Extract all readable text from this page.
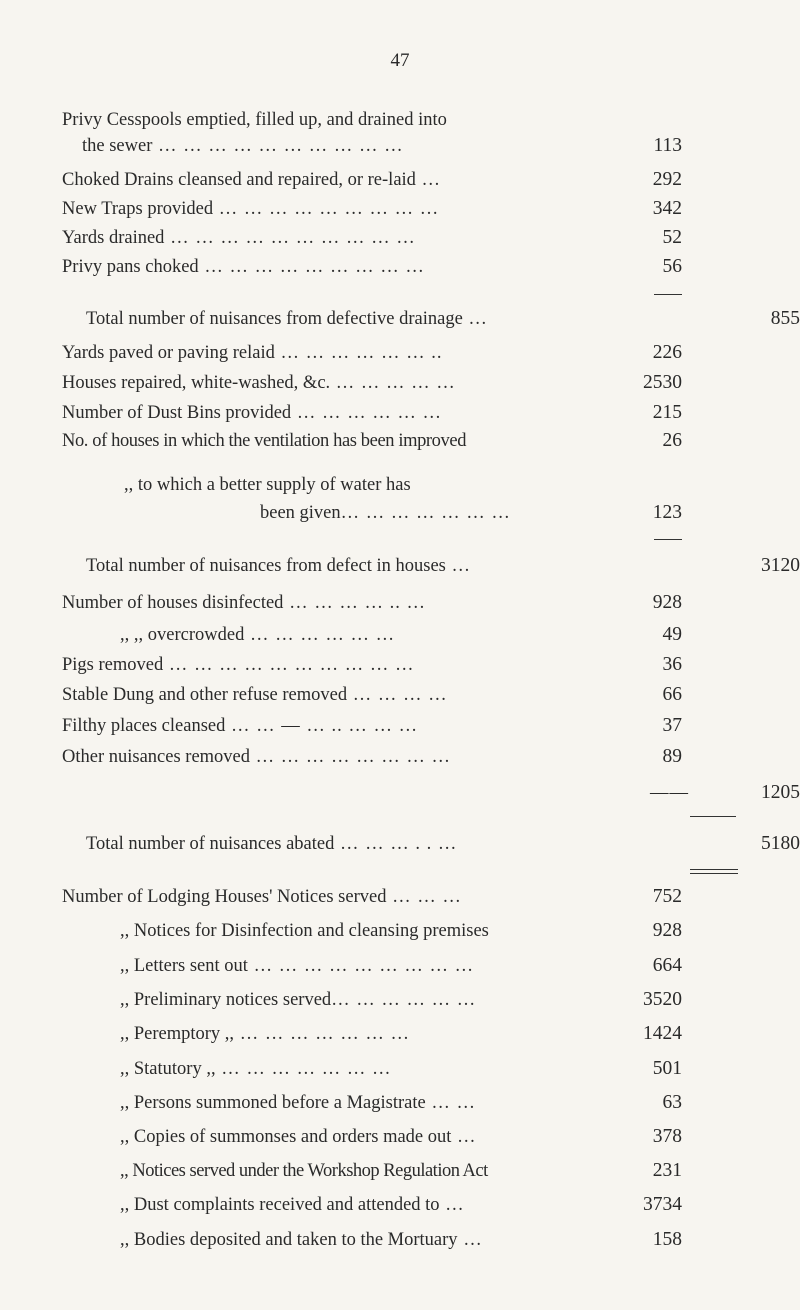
47
Privy Cesspools emptied, filled up, and drained into
the sewer … … … … … … … … … …	113
Choked Drains cleansed and repaired, or re-laid …	292
New Traps provided … … … … … … … … …	342
Yards drained … … … … … … … … … …	52
Privy pans choked … … … … … … … … …	56
Total number of nuisances from defective drainage …	855
Yards paved or paving relaid … … … … … … ..	226
Houses repaired, white-washed, &c. … … … … …	2530
Number of Dust Bins provided … … … … … …	215
No. of houses in which the ventilation has been improved	26
,, to which a better supply of water has
been given… … … … … … …	123
Total number of nuisances from defect in houses …	3120
Number of houses disinfected … … … … .. …	928
,, ,, overcrowded … … … … … …	49
Pigs removed … … … … … … … … … …	36
Stable Dung and other refuse removed … … … …	66
Filthy places cleansed … … — … .. … … …	37
Other nuisances removed … … … … … … … …	89
——	1205
Total number of nuisances abated … … … . . …	5180
Number of Lodging Houses' Notices served … … …	752
,, Notices for Disinfection and cleansing premises	928
,, Letters sent out … … … … … … … … …	664
,, Preliminary notices served… … … … … …	3520
,, Peremptory ,, … … … … … … …	1424
,, Statutory ,, … … … … … … …	501
,, Persons summoned before a Magistrate … …	63
,, Copies of summonses and orders made out …	378
,, Notices served under the Workshop Regulation Act	231
,, Dust complaints received and attended to …	3734
,, Bodies deposited and taken to the Mortuary …	158
